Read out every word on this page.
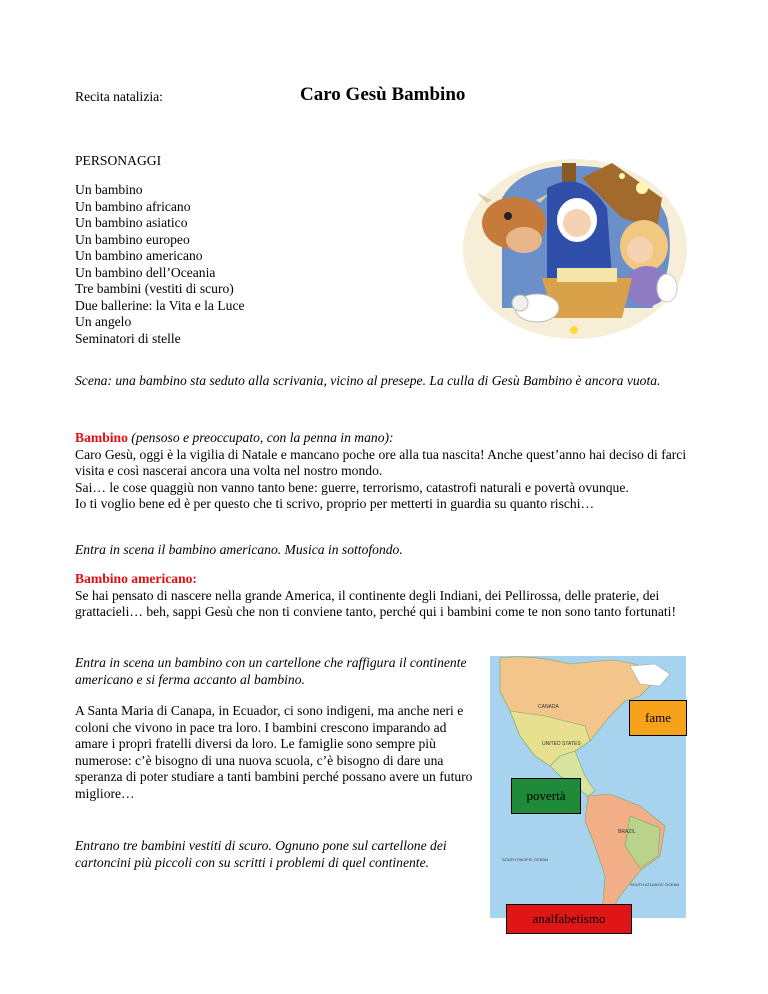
Recita natalizia:	Caro Gesù Bambino
PERSONAGGI
Un bambino
Un bambino africano
Un bambino asiatico
Un bambino europeo
Un bambino americano
Un bambino dell’Oceania
Tre bambini (vestiti di scuro)
Due ballerine: la Vita e la Luce
Un angelo
Seminatori di stelle

Scena: una bambino sta seduto alla scrivania, vicino al presepe. La culla di Gesù Bambino è ancora vuota.

Bambino (pensoso e preoccupato, con la penna in mano):

Caro Gesù, oggi è la vigilia di Natale e mancano poche ore alla tua nascita! Anche quest’anno hai deciso di farci visita e così nascerai ancora una volta nel nostro mondo.

Sai… le cose quaggiù non vanno tanto bene: guerre, terrorismo, catastrofi naturali e povertà ovunque.

Io ti voglio bene ed è per questo che ti scrivo, proprio per metterti in guardia su quanto rischi…

Entra in scena il bambino americano. Musica in sottofondo.

Bambino americano:

Se hai pensato di nascere nella grande America, il continente degli Indiani, dei Pellirossa, delle praterie, dei grattacieli… beh, sappi Gesù che non ti conviene tanto, perché qui i bambini come te non sono tanto fortunati!

Entra in scena un bambino con un cartellone che raffigura il continente americano e si ferma accanto al bambino.

A Santa Maria di Canapa, in Ecuador, ci sono indigeni, ma anche neri e coloni che vivono in pace tra loro. I bambini crescono imparando ad amare i propri fratelli diversi da loro. Le famiglie sono sempre più numerose: c’è bisogno di una nuova scuola, c’è bisogno di dare una speranza di poter studiare a tanti bambini perché possano avere un futuro migliore…

Entrano tre bambini vestiti di scuro. Ognuno pone sul cartellone dei cartoncini più piccoli con su scritti i problemi di quel continente.

CANADA
UNITED STATES
BRAZIL
SOUTH PACIFIC OCEAN
SOUTH ATLANTIC OCEAN
fame
povertà
analfabetismo
